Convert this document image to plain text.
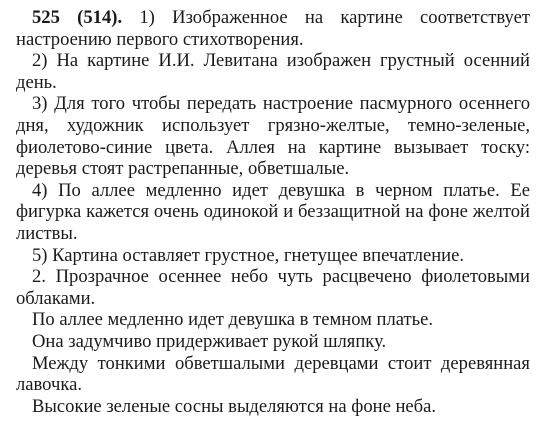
525 (514). 1) Изображенное на картине соответствует настроению первого стихотворения.

2) На картине И.И. Левитана изображен грустный осенний день.

3) Для того чтобы передать настроение пасмурного осеннего дня, художник использует грязно-желтые, темно-зеленые, фиолетово-синие цвета. Аллея на картине вызывает тоску: деревья стоят растрепанные, обветшалые.

4) По аллее медленно идет девушка в черном платье. Ее фигурка кажется очень одинокой и беззащитной на фоне желтой листвы.

5) Картина оставляет грустное, гнетущее впечатление.

2. Прозрачное осеннее небо чуть расцвечено фиолетовыми облаками.

По аллее медленно идет девушка в темном платье.

Она задумчиво придерживает рукой шляпку.

Между тонкими обветшалыми деревцами стоит деревянная лавочка.

Высокие зеленые сосны выделяются на фоне неба.
